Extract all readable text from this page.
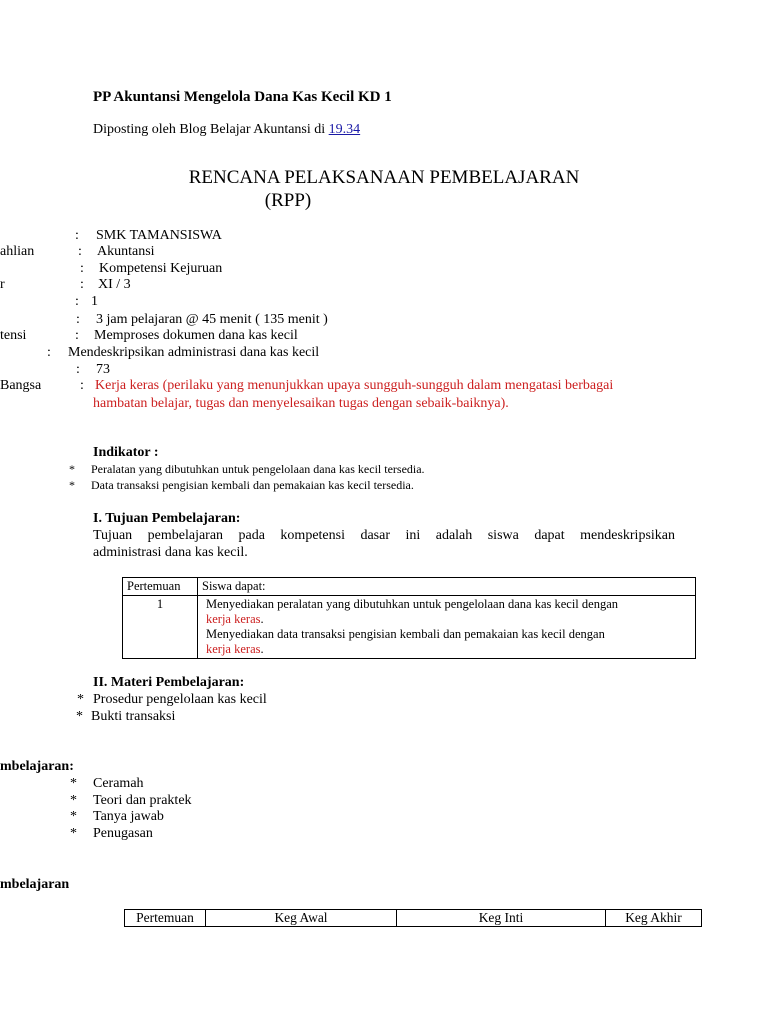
PP Akuntansi Mengelola Dana Kas Kecil KD 1
Diposting oleh Blog Belajar Akuntansi di 19.34
RENCANA PELAKSANAAN PEMBELAJARAN
(RPP)
: SMK TAMANSISWA
ahlian	: Akuntansi
: Kompetensi Kejuruan
r	: XI / 3
: 1
: 3 jam pelajaran @ 45 menit ( 135 menit )
tensi	: Memproses dokumen dana kas kecil
: Mendeskripsikan administrasi dana kas kecil
: 73
Bangsa	: Kerja keras (perilaku yang menunjukkan upaya sungguh-sungguh dalam mengatasi berbagai
hambatan belajar, tugas dan menyelesaikan tugas dengan sebaik-baiknya).
Indikator :
* Peralatan yang dibutuhkan untuk pengelolaan dana kas kecil tersedia.
* Data transaksi pengisian kembali dan pemakaian kas kecil tersedia.
I. Tujuan Pembelajaran:
Tujuan pembelajaran pada kompetensi dasar ini adalah siswa dapat mendeskripsikan
administrasi dana kas kecil.
Pertemuan	Siswa dapat:
1	Menyediakan peralatan yang dibutuhkan untuk pengelolaan dana kas kecil dengan
kerja keras.
Menyediakan data transaksi pengisian kembali dan pemakaian kas kecil dengan
kerja keras.
II. Materi Pembelajaran:
* Prosedur pengelolaan kas kecil
* Bukti transaksi
mbelajaran:
* Ceramah
* Teori dan praktek
* Tanya jawab
* Penugasan
mbelajaran
Pertemuan	Keg Awal	Keg Inti	Keg Akhir
